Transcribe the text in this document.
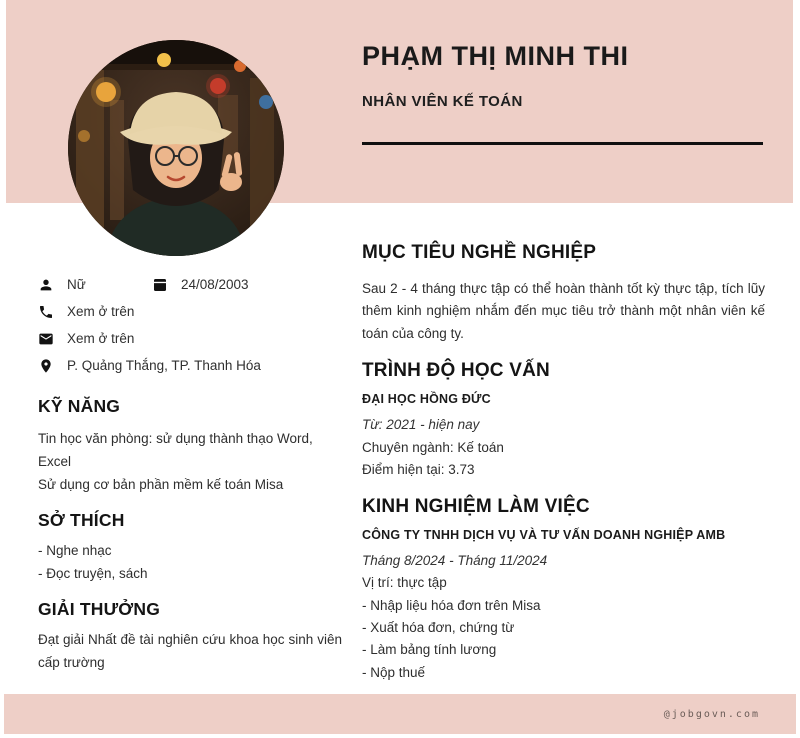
PHẠM THỊ MINH THI
NHÂN VIÊN KẾ TOÁN
Nữ	24/08/2003
Xem ở trên
Xem ở trên
P. Quảng Thắng, TP. Thanh Hóa
KỸ NĂNG
Tin học văn phòng: sử dụng thành thạo Word, Excel
Sử dụng cơ bản phần mềm kế toán Misa
SỞ THÍCH
- Nghe nhạc
- Đọc truyện, sách
GIẢI THƯỞNG
Đạt giải Nhất đề tài nghiên cứu khoa học sinh viên cấp trường
MỤC TIÊU NGHỀ NGHIỆP

Sau 2 - 4 tháng thực tập có thể hoàn thành tốt kỳ thực tập, tích lũy thêm kinh nghiệm nhắm đến mục tiêu trở thành một nhân viên kế toán của công ty.

TRÌNH ĐỘ HỌC VẤN
ĐẠI HỌC HỒNG ĐỨC
Từ: 2021 - hiện nay
Chuyên ngành: Kế toán
Điểm hiện tại: 3.73
KINH NGHIỆM LÀM VIỆC
CÔNG TY TNHH DỊCH VỤ VÀ TƯ VẤN DOANH NGHIỆP AMB
Tháng 8/2024 - Tháng 11/2024
Vị trí: thực tập
- Nhập liệu hóa đơn trên Misa
- Xuất hóa đơn, chứng từ
- Làm bảng tính lương
- Nộp thuế
@jobgovn.com
